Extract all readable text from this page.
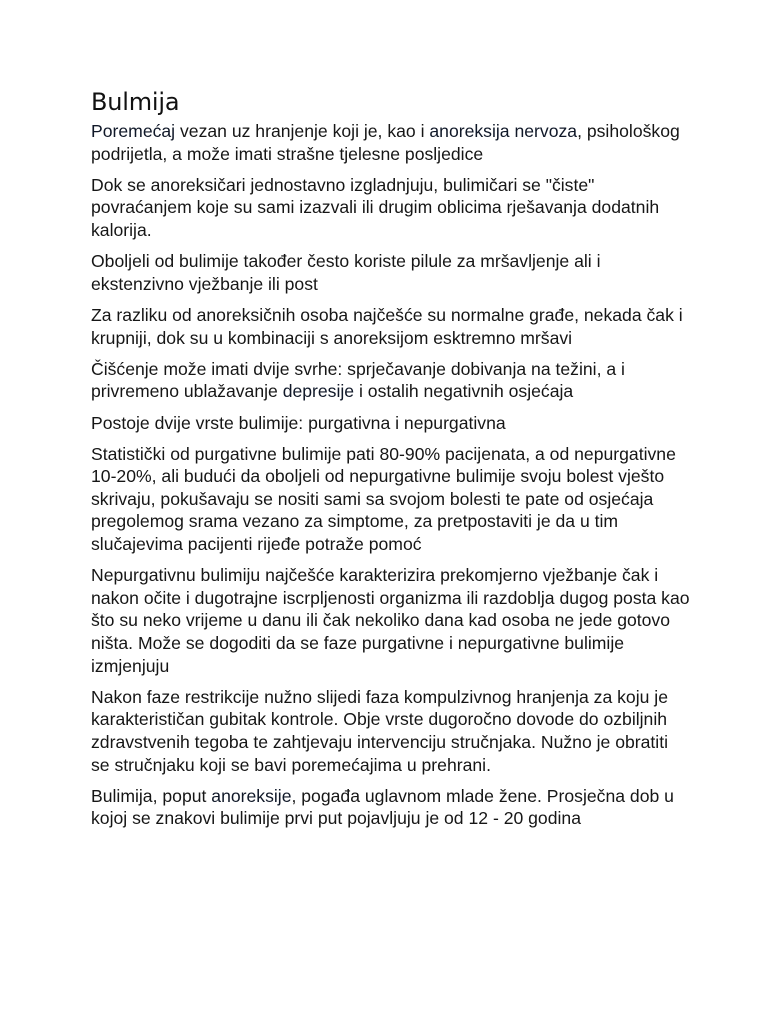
Bulmija

Poremećaj vezan uz hranjenje koji je, kao i anoreksija nervoza, psihološkog podrijetla, a može imati strašne tjelesne posljedice

Dok se anoreksičari jednostavno izgladnjuju, bulimičari se "čiste" povraćanjem koje su sami izazvali ili drugim oblicima rješavanja dodatnih kalorija.

Oboljeli od bulimije također često koriste pilule za mršavljenje ali i ekstenzivno vježbanje ili post

Za razliku od anoreksičnih osoba najčešće su normalne građe, nekada čak i krupniji, dok su u kombinaciji s anoreksijom esktremno mršavi

Čišćenje može imati dvije svrhe: sprječavanje dobivanja na težini, a i privremeno ublažavanje depresije i ostalih negativnih osjećaja

Postoje dvije vrste bulimije: purgativna i nepurgativna

Statistički od purgativne bulimije pati 80-90% pacijenata, a od nepurgativne 10-20%, ali budući da oboljeli od nepurgativne bulimije svoju bolest vješto skrivaju, pokušavaju se nositi sami sa svojom bolesti te pate od osjećaja pregolemog srama vezano za simptome, za pretpostaviti je da u tim slučajevima pacijenti rijeđe potraže pomoć

Nepurgativnu bulimiju najčešće karakterizira prekomjerno vježbanje čak i nakon očite i dugotrajne iscrpljenosti organizma ili razdoblja dugog posta kao što su neko vrijeme u danu ili čak nekoliko dana kad osoba ne jede gotovo ništa. Može se dogoditi da se faze purgativne i nepurgativne bulimije izmjenjuju

Nakon faze restrikcije nužno slijedi faza kompulzivnog hranjenja za koju je karakterističan gubitak kontrole. Obje vrste dugoročno dovode do ozbiljnih zdravstvenih tegoba te zahtjevaju intervenciju stručnjaka. Nužno je obratiti se stručnjaku koji se bavi poremećajima u prehrani.

Bulimija, poput anoreksije, pogađa uglavnom mlade žene. Prosječna dob u kojoj se znakovi bulimije prvi put pojavljuju je od 12 - 20 godina
